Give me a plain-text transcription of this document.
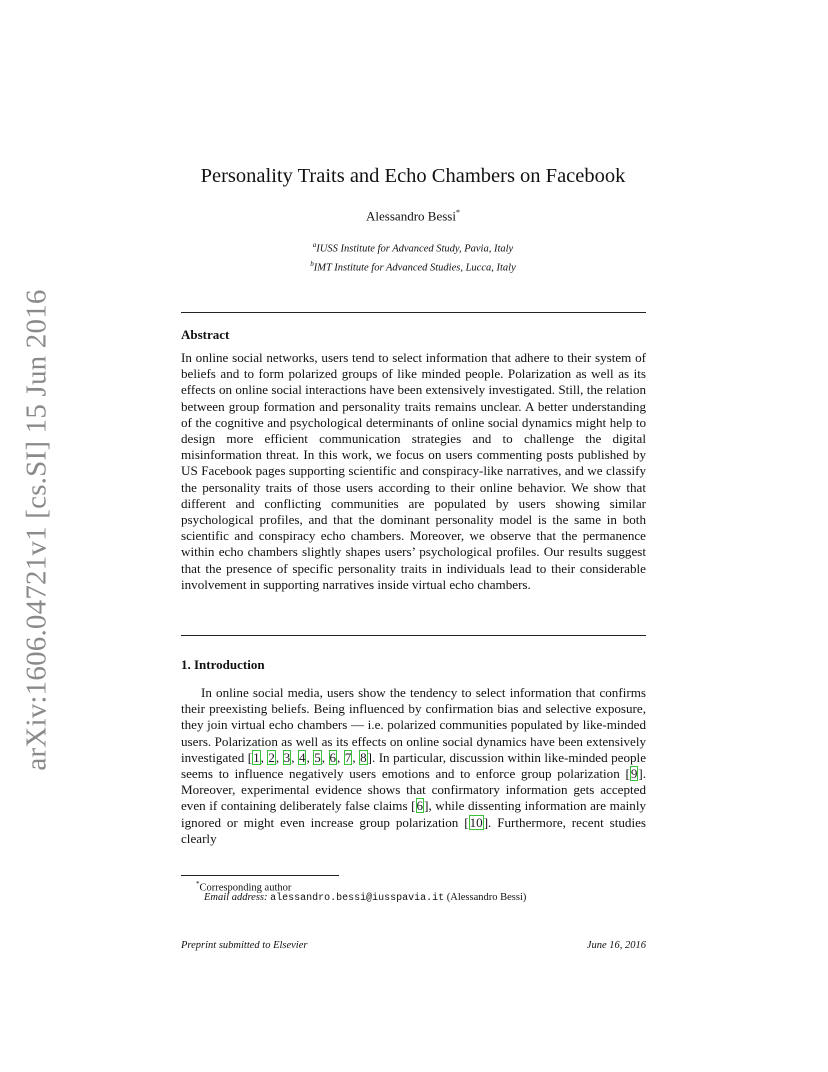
arXiv:1606.04721v1 [cs.SI] 15 Jun 2016
Personality Traits and Echo Chambers on Facebook
Alessandro Bessi*
$^a$IUSS Institute for Advanced Study, Pavia, Italy
$^b$IMT Institute for Advanced Studies, Lucca, Italy
Abstract

In online social networks, users tend to select information that adhere to their system of beliefs and to form polarized groups of like minded people. Polarization as well as its effects on online social interactions have been extensively investigated. Still, the relation between group formation and personality traits remains unclear. A better understanding of the cognitive and psychological determinants of online social dynamics might help to design more efficient communication strategies and to challenge the digital misinformation threat. In this work, we focus on users commenting posts published by US Facebook pages supporting scientific and conspiracy-like narratives, and we classify the personality traits of those users according to their online behavior. We show that different and conflicting communities are populated by users showing similar psychological profiles, and that the dominant personality model is the same in both scientific and conspiracy echo chambers. Moreover, we observe that the permanence within echo chambers slightly shapes users’ psychological profiles. Our results suggest that the presence of specific personality traits in individuals lead to their considerable involvement in supporting narratives inside virtual echo chambers.

1. Introduction

In online social media, users show the tendency to select information that confirms their preexisting beliefs. Being influenced by confirmation bias and selective exposure, they join virtual echo chambers — i.e. polarized communities populated by like-minded users. Polarization as well as its effects on online social dynamics have been extensively investigated [1, 2, 3, 4, 5, 6, 7, 8]. In particular, discussion within like-minded people seems to influence negatively users emotions and to enforce group polarization [9]. Moreover, experimental evidence shows that confirmatory information gets accepted even if containing deliberately false claims [6], while dissenting information are mainly ignored or might even increase group polarization [10]. Furthermore, recent studies clearly

*Corresponding author
Email address: alessandro.bessi@iusspavia.it (Alessandro Bessi)
Preprint submitted to Elsevier	June 16, 2016
